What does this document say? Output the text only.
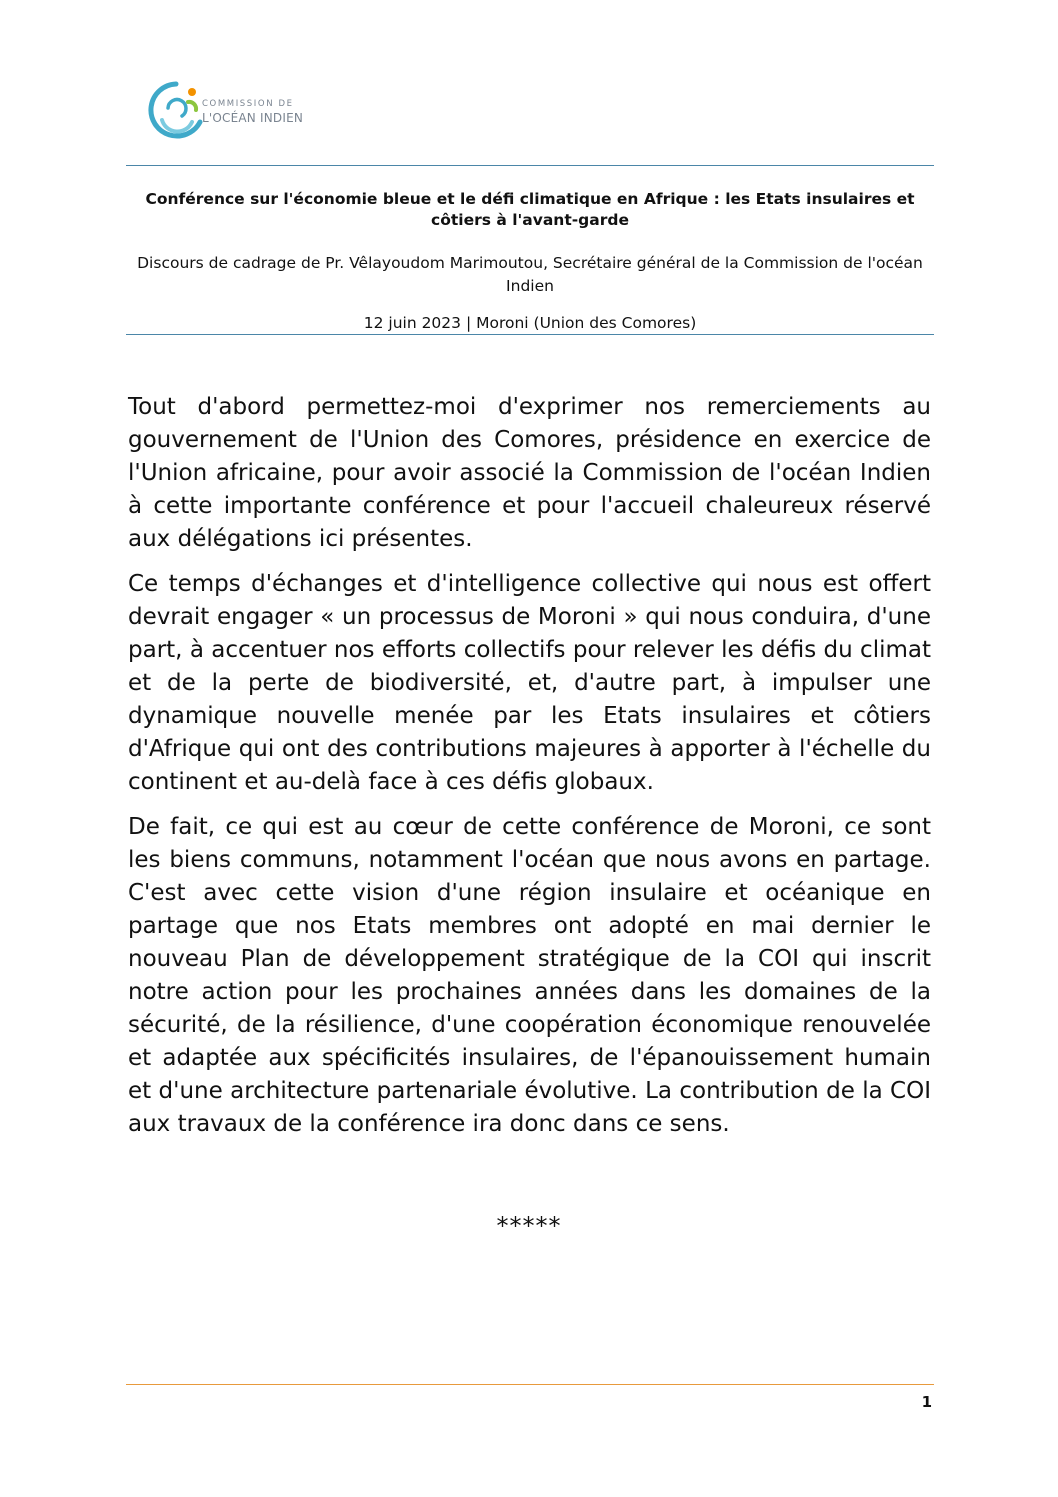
COMMISSION DE
L'OCÉAN INDIEN
Conférence sur l'économie bleue et le défi climatique en Afrique : les Etats insulaires et côtiers à l'avant-garde
Discours de cadrage de Pr. Vêlayoudom Marimoutou, Secrétaire général de la Commission de l'océan Indien
12 juin 2023 | Moroni (Union des Comores)

Tout d'abord permettez-moi d'exprimer nos remerciements au gouvernement de l'Union des Comores, présidence en exercice de l'Union africaine, pour avoir associé la Commission de l'océan Indien à cette importante conférence et pour l'accueil chaleureux réservé aux délégations ici présentes.

Ce temps d'échanges et d'intelligence collective qui nous est offert devrait engager « un processus de Moroni » qui nous conduira, d'une part, à accentuer nos efforts collectifs pour relever les défis du climat et de la perte de biodiversité, et, d'autre part, à impulser une dynamique nouvelle menée par les Etats insulaires et côtiers d'Afrique qui ont des contributions majeures à apporter à l'échelle du continent et au-delà face à ces défis globaux.

De fait, ce qui est au cœur de cette conférence de Moroni, ce sont les biens communs, notamment l'océan que nous avons en partage. C'est avec cette vision d'une région insulaire et océanique en partage que nos Etats membres ont adopté en mai dernier le nouveau Plan de développement stratégique de la COI qui inscrit notre action pour les prochaines années dans les domaines de la sécurité, de la résilience, d'une coopération économique renouvelée et adaptée aux spécificités insulaires, de l'épanouissement humain et d'une architecture partenariale évolutive. La contribution de la COI aux travaux de la conférence ira donc dans ce sens.

*****
1
